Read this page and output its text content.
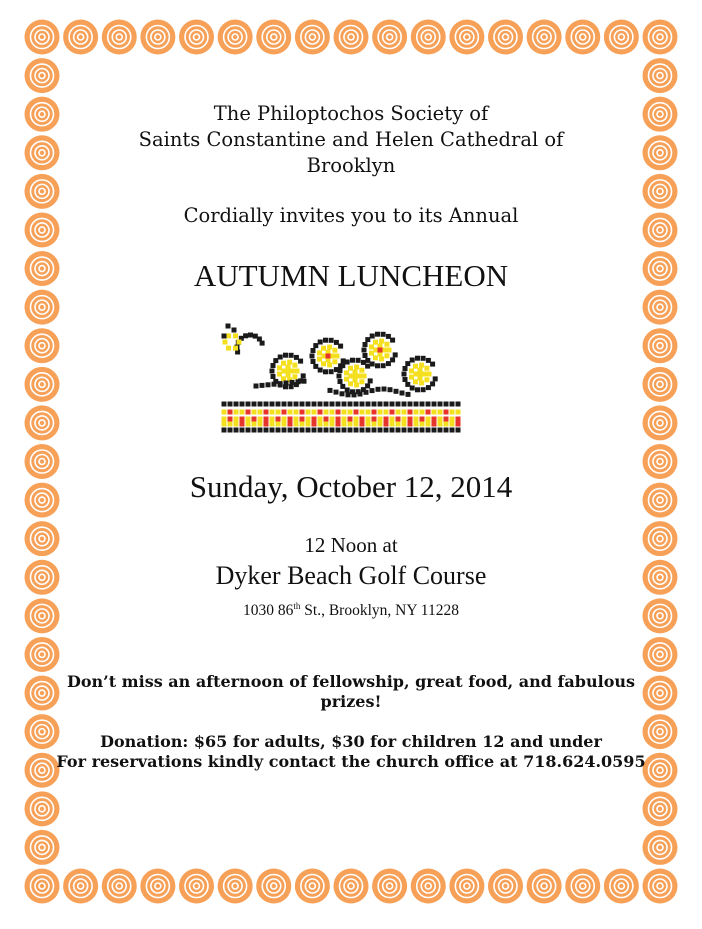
The Philoptochos Society of

Saints Constantine and Helen Cathedral of

Brooklyn

Cordially invites you to its Annual

AUTUMN LUNCHEON

Sunday, October 12, 2014

12 Noon at

Dyker Beach Golf Course

1030 86th St., Brooklyn, NY 11228

Don’t miss an afternoon of fellowship, great food, and fabulous

prizes!

Donation: $65 for adults, $30 for children 12 and under

For reservations kindly contact the church office at 718.624.0595
